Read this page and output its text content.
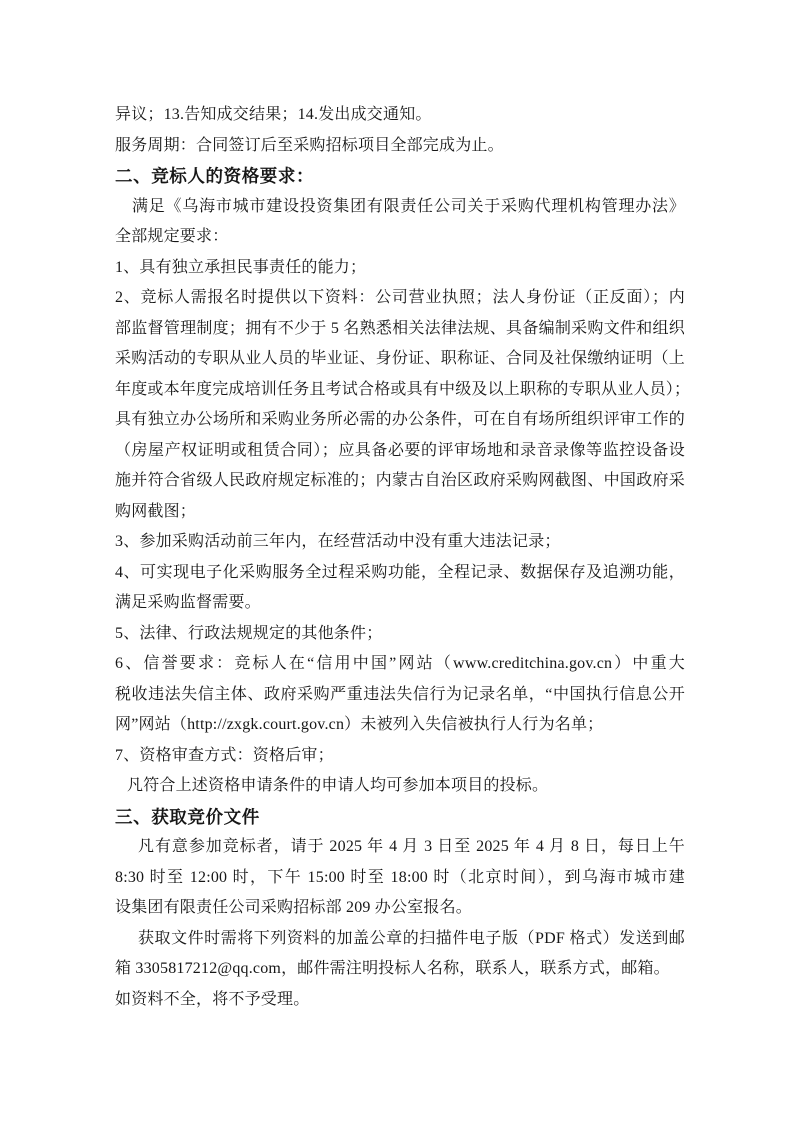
异议；13.告知成交结果；14.发出成交通知。
服务周期：合同签订后至采购招标项目全部完成为止。
二、竞标人的资格要求：
满足《乌海市城市建设投资集团有限责任公司关于采购代理机构管理办法》
全部规定要求：
1、具有独立承担民事责任的能力；
2、竞标人需报名时提供以下资料：公司营业执照；法人身份证（正反面）；内
部监督管理制度；拥有不少于 5 名熟悉相关法律法规、具备编制采购文件和组织
采购活动的专职从业人员的毕业证、身份证、职称证、合同及社保缴纳证明（上
年度或本年度完成培训任务且考试合格或具有中级及以上职称的专职从业人员）；
具有独立办公场所和采购业务所必需的办公条件，可在自有场所组织评审工作的
（房屋产权证明或租赁合同）；应具备必要的评审场地和录音录像等监控设备设
施并符合省级人民政府规定标准的；内蒙古自治区政府采购网截图、中国政府采
购网截图；
3、参加采购活动前三年内，在经营活动中没有重大违法记录；
4、可实现电子化采购服务全过程采购功能，全程记录、数据保存及追溯功能，
满足采购监督需要。
5、法律、行政法规规定的其他条件；
6、信誉要求：竞标人在“信用中国”网站（www.creditchina.gov.cn）中重大
税收违法失信主体、政府采购严重违法失信行为记录名单，“中国执行信息公开
网”网站（http://zxgk.court.gov.cn）未被列入失信被执行人行为名单；
7、资格审查方式：资格后审；
凡符合上述资格申请条件的申请人均可参加本项目的投标。
三、获取竞价文件
凡有意参加竞标者，请于 2025 年 4 月 3 日至 2025 年 4 月 8 日，每日上午
8:30 时至 12:00 时，下午 15:00 时至 18:00 时（北京时间），到乌海市城市建
设集团有限责任公司采购招标部 209 办公室报名。
获取文件时需将下列资料的加盖公章的扫描件电子版（PDF 格式）发送到邮
箱 3305817212@qq.com，邮件需注明投标人名称，联系人，联系方式，邮箱。
如资料不全，将不予受理。
